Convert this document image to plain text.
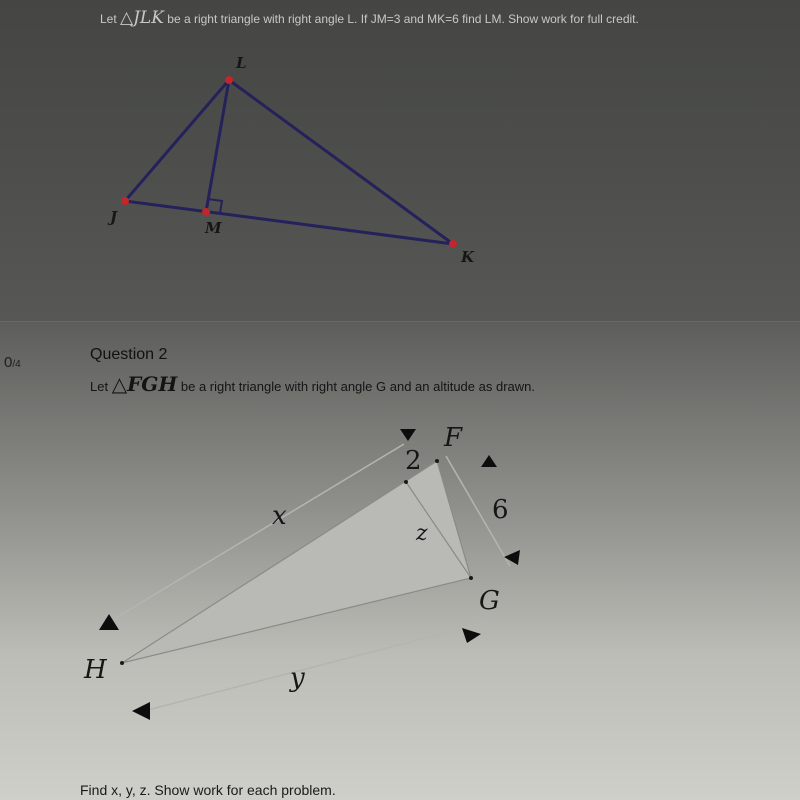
Let △JLK be a right triangle with right angle L. If JM=3 and MK=6 find LM. Show work for full credit.
L
J
M
K
0/4
Question 2
Let △FGH be a right triangle with right angle G and an altitude as drawn.
F
2
6
G
H
x
y
z
Find x, y, z. Show work for each problem.
